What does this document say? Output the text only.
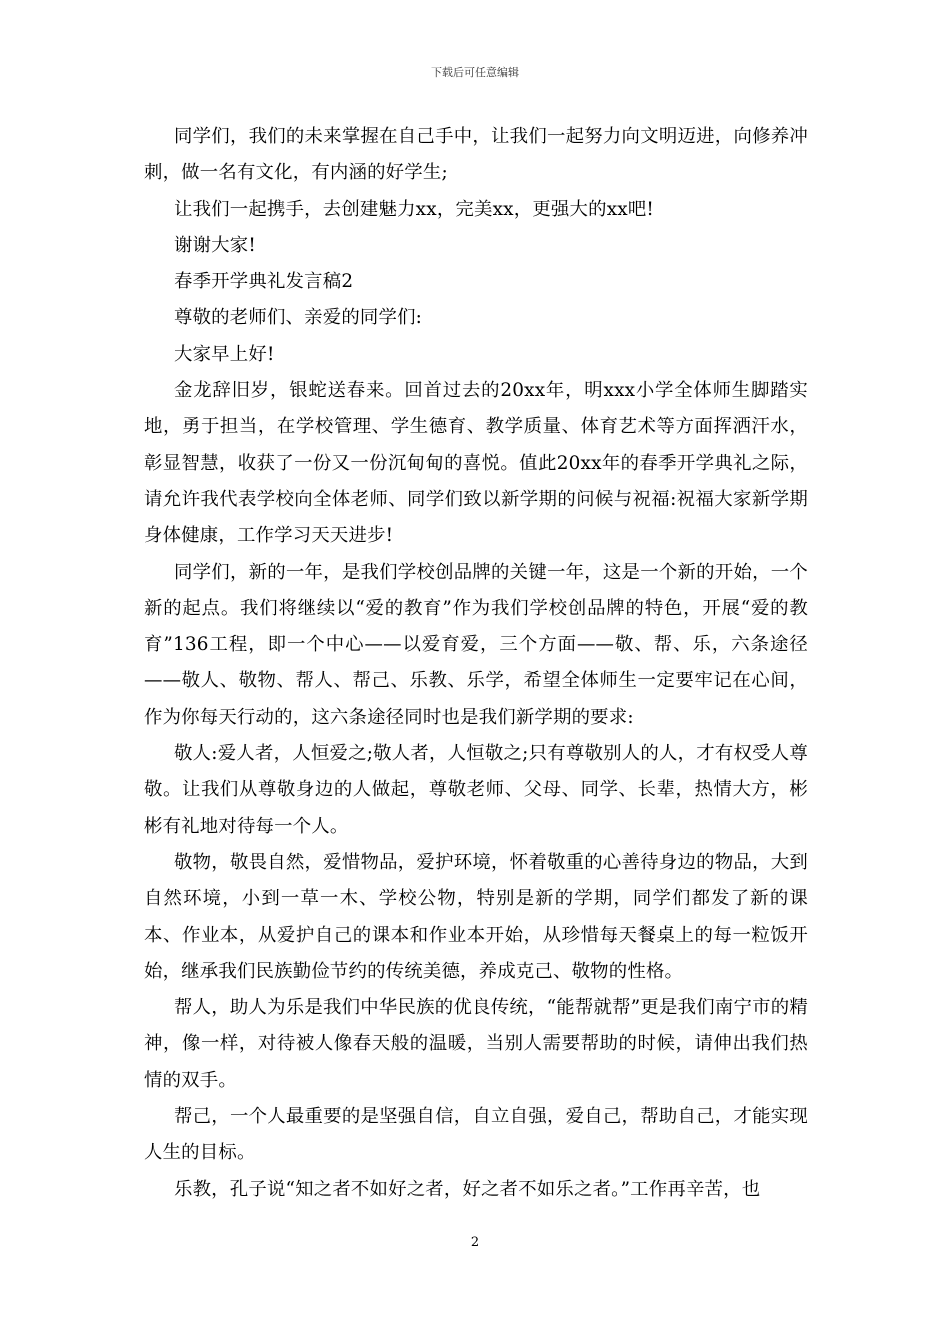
下载后可任意编辑

同学们，我们的未来掌握在自己手中，让我们一起努力向文明迈进，向修养冲刺，做一名有文化，有内涵的好学生;

让我们一起携手，去创建魅力xx，完美xx，更强大的xx吧!

谢谢大家!

春季开学典礼发言稿2

尊敬的老师们、亲爱的同学们:

大家早上好!

金龙辞旧岁，银蛇送春来。回首过去的20xx年，明xxx小学全体师生脚踏实地，勇于担当，在学校管理、学生德育、教学质量、体育艺术等方面挥洒汗水，彰显智慧，收获了一份又一份沉甸甸的喜悦。值此20xx年的春季开学典礼之际，请允许我代表学校向全体老师、同学们致以新学期的问候与祝福:祝福大家新学期身体健康，工作学习天天进步!

同学们，新的一年，是我们学校创品牌的关键一年，这是一个新的开始，一个新的起点。我们将继续以“爱的教育”作为我们学校创品牌的特色，开展“爱的教育”136工程，即一个中心——以爱育爱，三个方面——敬、帮、乐，六条途径——敬人、敬物、帮人、帮己、乐教、乐学，希望全体师生一定要牢记在心间，作为你每天行动的，这六条途径同时也是我们新学期的要求:

敬人:爱人者，人恒爱之;敬人者，人恒敬之;只有尊敬别人的人，才有权受人尊敬。让我们从尊敬身边的人做起，尊敬老师、父母、同学、长辈，热情大方，彬彬有礼地对待每一个人。

敬物，敬畏自然，爱惜物品，爱护环境，怀着敬重的心善待身边的物品，大到自然环境，小到一草一木、学校公物，特别是新的学期，同学们都发了新的课本、作业本，从爱护自己的课本和作业本开始，从珍惜每天餐桌上的每一粒饭开始，继承我们民族勤俭节约的传统美德，养成克己、敬物的性格。

帮人，助人为乐是我们中华民族的优良传统，“能帮就帮”更是我们南宁市的精神，像一样，对待被人像春天般的温暖，当别人需要帮助的时候，请伸出我们热情的双手。

帮己，一个人最重要的是坚强自信，自立自强，爱自己，帮助自己，才能实现人生的目标。

乐教，孔子说“知之者不如好之者，好之者不如乐之者。”工作再辛苦，也

2
